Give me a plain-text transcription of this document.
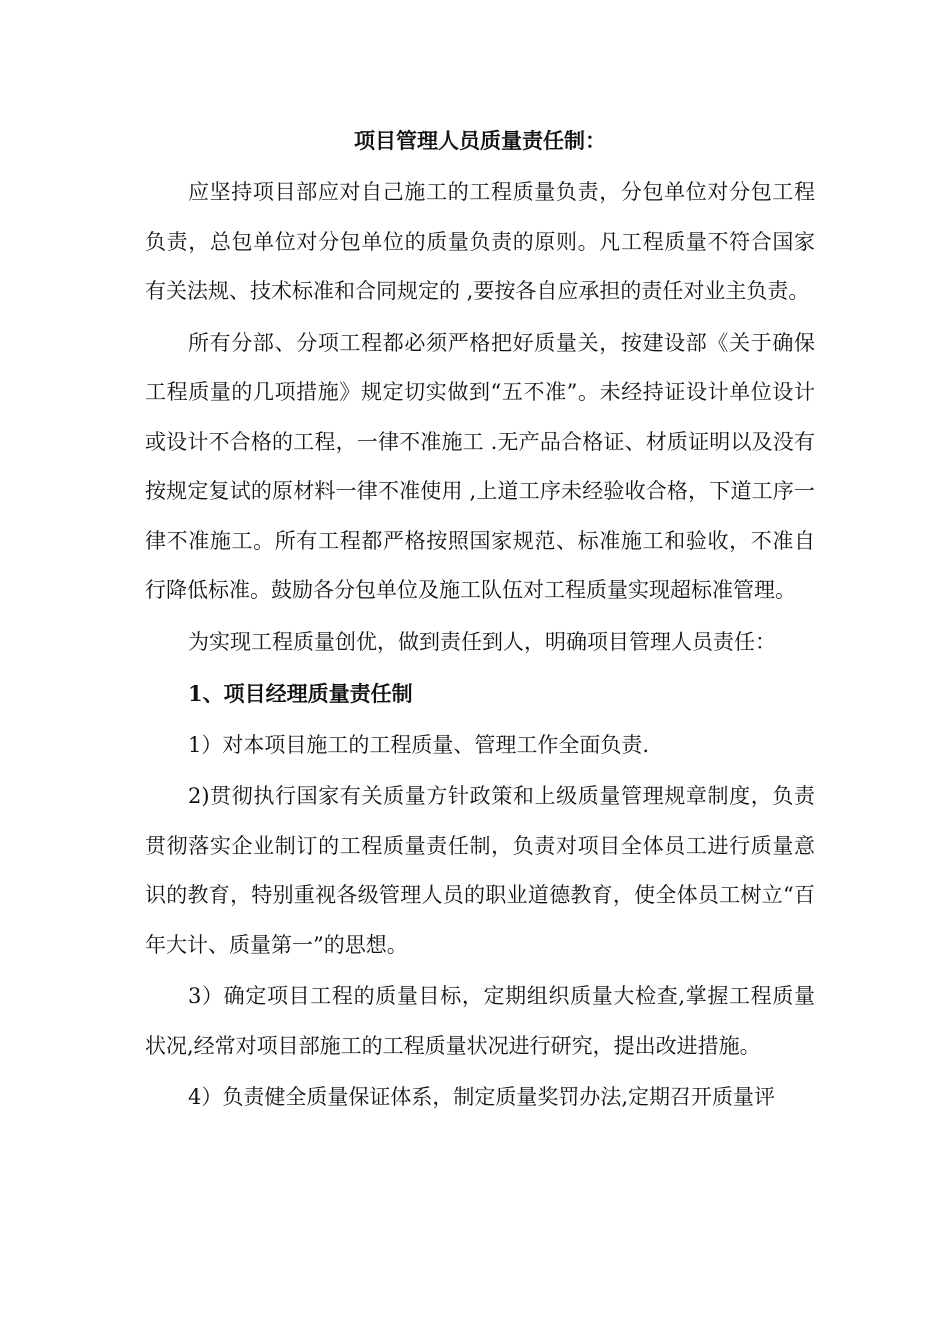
项目管理人员质量责任制：

应坚持项目部应对自己施工的工程质量负责，分包单位对分包工程负责，总包单位对分包单位的质量负责的原则。凡工程质量不符合国家有关法规、技术标准和合同规定的 ,要按各自应承担的责任对业主负责。

所有分部、分项工程都必须严格把好质量关，按建设部《关于确保工程质量的几项措施》规定切实做到“五不准”。未经持证设计单位设计或设计不合格的工程，一律不准施工 .无产品合格证、材质证明以及没有按规定复试的原材料一律不准使用 ,上道工序未经验收合格，下道工序一律不准施工。所有工程都严格按照国家规范、标准施工和验收，不准自行降低标准。鼓励各分包单位及施工队伍对工程质量实现超标准管理。

为实现工程质量创优，做到责任到人，明确项目管理人员责任：

1、项目经理质量责任制

1）对本项目施工的工程质量、管理工作全面负责.

2)贯彻执行国家有关质量方针政策和上级质量管理规章制度，负责贯彻落实企业制订的工程质量责任制，负责对项目全体员工进行质量意识的教育，特别重视各级管理人员的职业道德教育，使全体员工树立“百年大计、质量第一”的思想。

3）确定项目工程的质量目标，定期组织质量大检查,掌握工程质量状况,经常对项目部施工的工程质量状况进行研究，提出改进措施。

4）负责健全质量保证体系，制定质量奖罚办法,定期召开质量评
